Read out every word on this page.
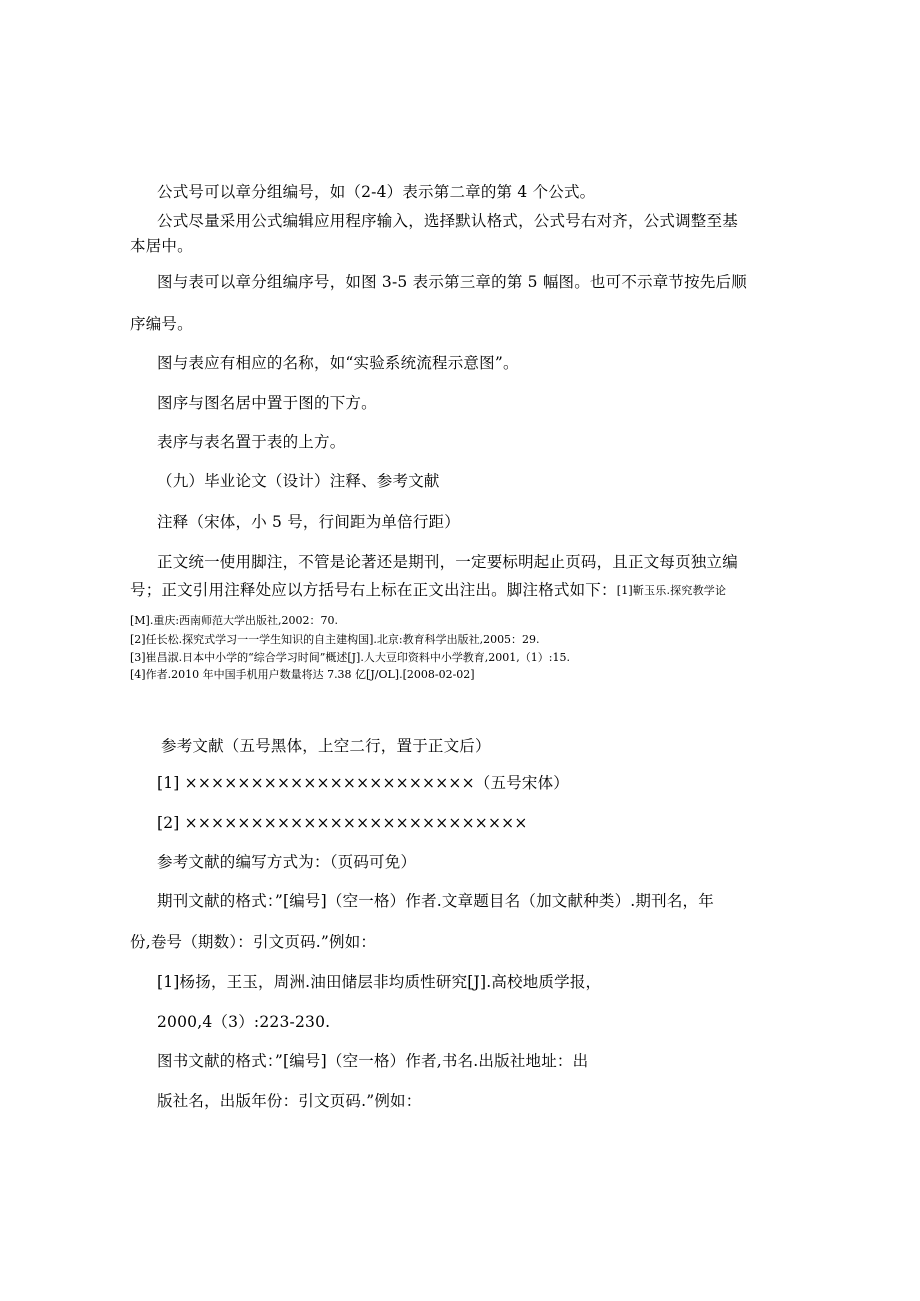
公式号可以章分组编号，如（2-4）表示第二章的第 4 个公式。
公式尽量采用公式编辑应用程序输入，选择默认格式，公式号右对齐，公式调整至基
本居中。
图与表可以章分组编序号，如图 3-5 表示第三章的第 5 幅图。也可不示章节按先后顺
序编号。
图与表应有相应的名称，如“实验系统流程示意图”。
图序与图名居中置于图的下方。
表序与表名置于表的上方。
（九）毕业论文（设计）注释、参考文献
注释（宋体，小 5 号，行间距为单倍行距）
正文统一使用脚注，不管是论著还是期刊，一定要标明起止页码，且正文每页独立编
号；正文引用注释处应以方括号右上标在正文出注出。脚注格式如下：[1]靳玉乐.探究教学论
[M].重庆:西南师范大学出版社,2002：70.
[2]任长松.探究式学习一一学生知识的自主建构国].北京:教育科学出版社,2005：29.
[3]崔昌淑.日本中小学的“综合学习时间”概述[J].人大豆印资料中小学教育,2001,（1）:15.
[4]作者.2010 年中国手机用户数量将达 7.38 亿[J/OL].[2008-02-02]
参考文献（五号黑体，上空二行，置于正文后）
[1] ××××××××××××××××××××××（五号宋体）
[2] ××××××××××××××××××××××××××
参考文献的编写方式为：（页码可免）
期刊文献的格式：”[编号]（空一格）作者.文章题目名（加文献种类）.期刊名，年
份,卷号（期数）：引文页码.”例如：
[1]杨扬，王玉，周洲.油田储层非均质性研究[J].高校地质学报，
2000,4（3）:223-230.
图书文献的格式：”[编号]（空一格）作者,书名.出版社地址：出
版社名，出版年份：引文页码.”例如：
